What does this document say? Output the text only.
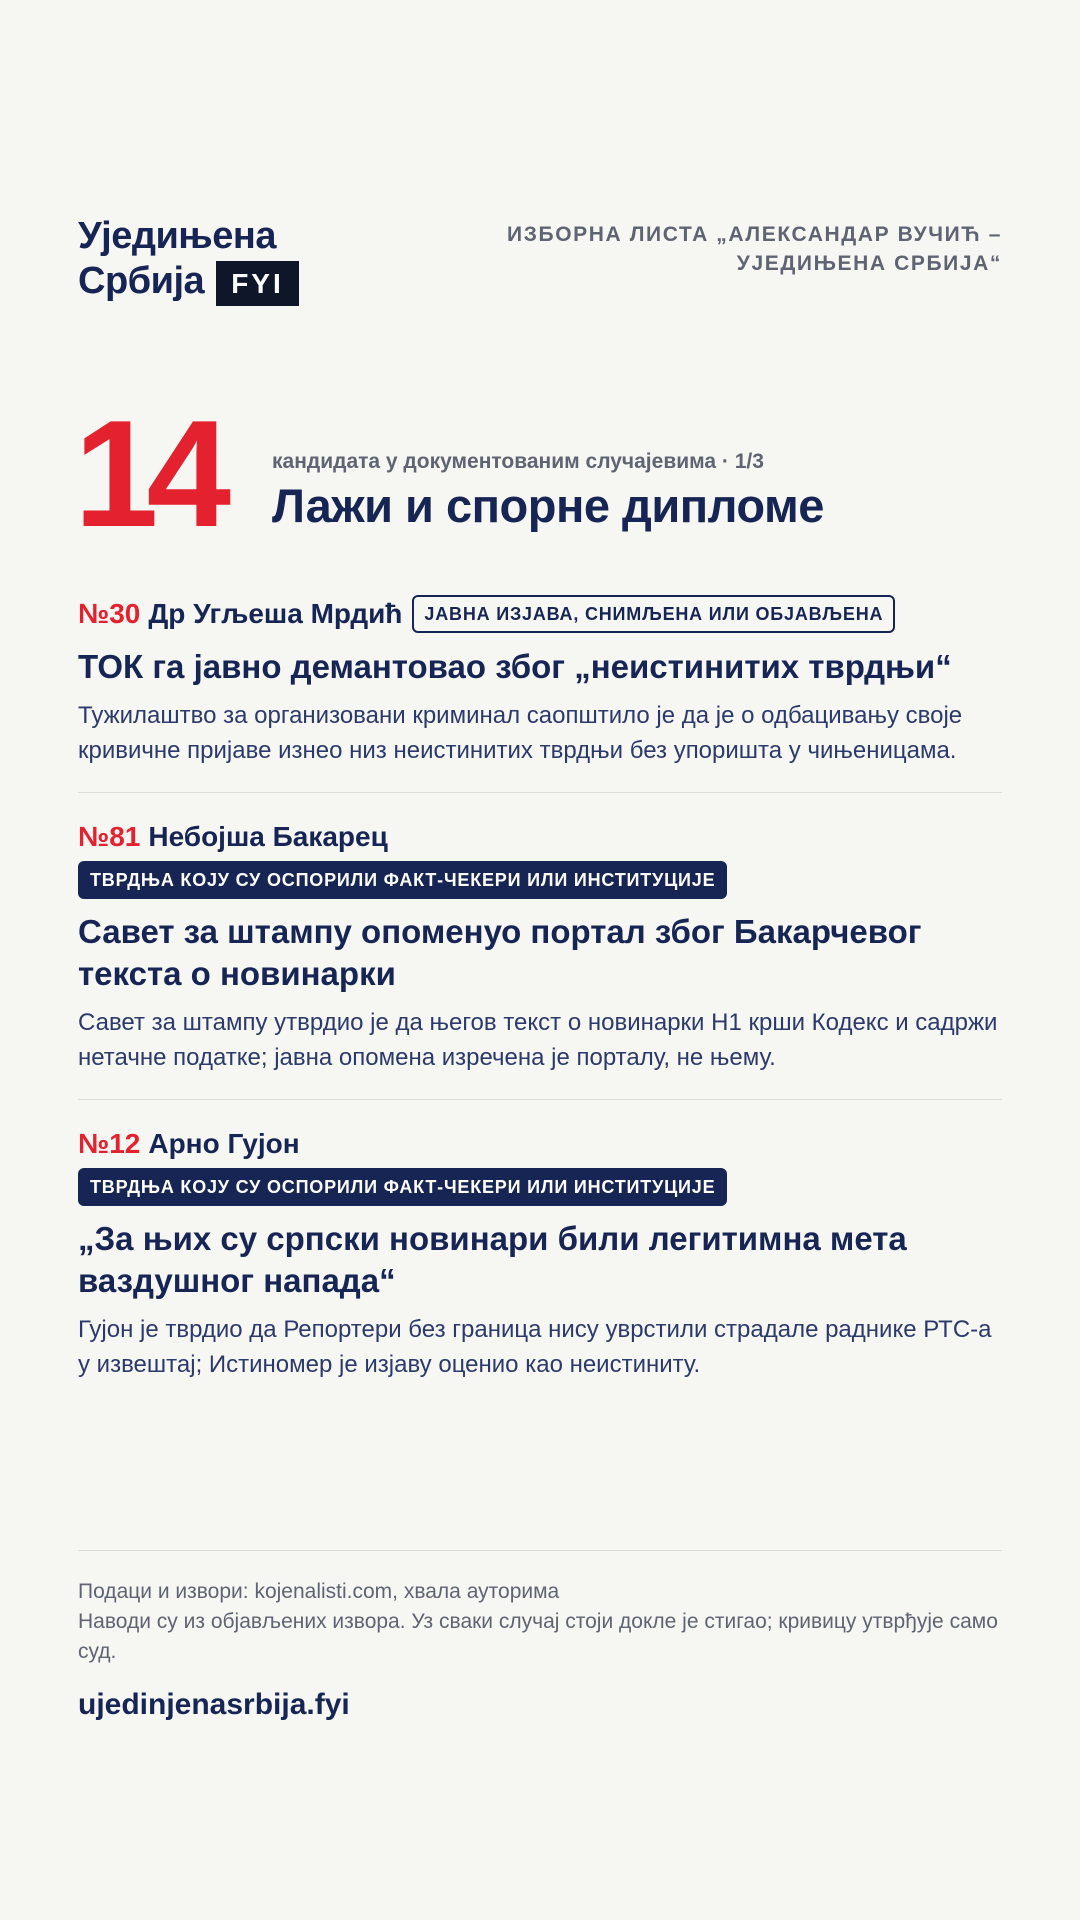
Уједињена
Србија FYI
ИЗБОРНА ЛИСТА „АЛЕКСАНДАР ВУЧИЋ –
УЈЕДИЊЕНА СРБИЈА“
14	кандидата у документованим случајевима · 1/3
Лажи и спорне дипломе
№30 Др Угљеша Мрдић	ЈАВНА ИЗЈАВА, СНИМЉЕНА ИЛИ ОБЈАВЉЕНА
ТОК га јавно демантовао због „неистинитих тврдњи“
Тужилаштво за организовани криминал саопштило је да је о одбацивању своје кривичне пријаве изнео низ неистинитих тврдњи без упоришта у чињеницама.
№81 Небојша Бакарец
ТВРДЊА КОЈУ СУ ОСПОРИЛИ ФАКТ-ЧЕКЕРИ ИЛИ ИНСТИТУЦИЈЕ
Савет за штампу опоменуо портал због Бакарчевог текста о новинарки
Савет за штампу утврдио је да његов текст о новинарки Н1 крши Кодекс и садржи нетачне податке; јавна опомена изречена је порталу, не њему.
№12 Арно Гујон
ТВРДЊА КОЈУ СУ ОСПОРИЛИ ФАКТ-ЧЕКЕРИ ИЛИ ИНСТИТУЦИЈЕ
„За њих су српски новинари били легитимна мета ваздушног напада“
Гујон је тврдио да Репортери без граница нису уврстили страдале раднике РТС-а у извештај; Истиномер је изјаву оценио као неистиниту.
Подаци и извори: kojenalisti.com, хвала ауторима
Наводи су из објављених извора. Уз сваки случај стоји докле је стигао; кривицу утврђује само суд.
ujedinjenasrbija.fyi
